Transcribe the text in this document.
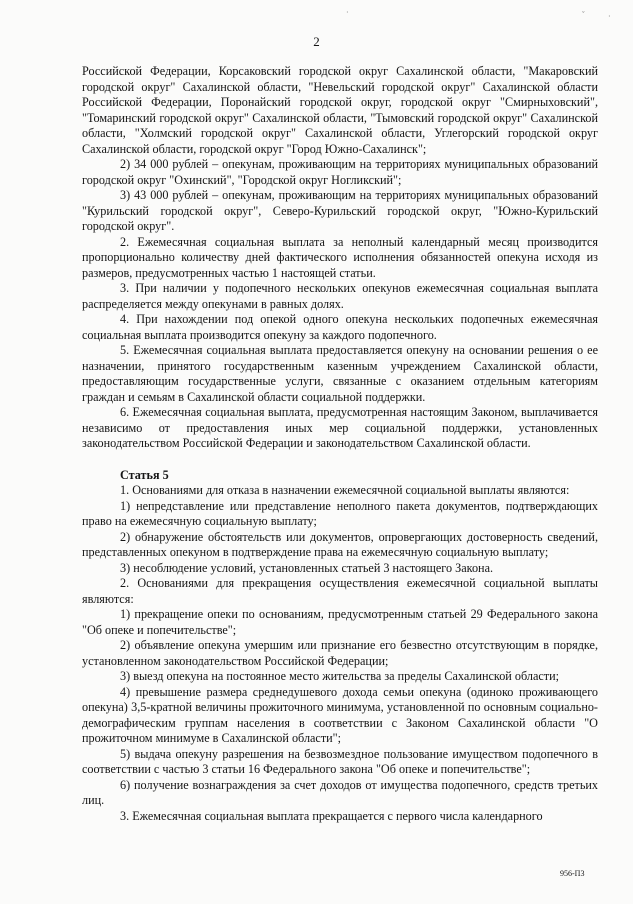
·	ˇ	·
2

Российской Федерации, Корсаковский городской округ Сахалинской области, "Макаровский городской округ" Сахалинской области, "Невельский городской округ" Сахалинской области Российской Федерации, Поронайский городской округ, городской округ "Смирныховский", "Томаринский городской округ" Сахалинской области, "Тымовский городской округ" Сахалинской области, "Холмский городской округ" Сахалинской области, Углегорский городской округ Сахалинской области, городской округ "Город Южно-Сахалинск";

2) 34 000 рублей – опекунам, проживающим на территориях муниципальных образований городской округ "Охинский", "Городской округ Ногликский";

3) 43 000 рублей – опекунам, проживающим на территориях муниципальных образований "Курильский городской округ", Северо-Курильский городской округ, "Южно-Курильский городской округ".

2. Ежемесячная социальная выплата за неполный календарный месяц производится пропорционально количеству дней фактического исполнения обязанностей опекуна исходя из размеров, предусмотренных частью 1 настоящей статьи.

3. При наличии у подопечного нескольких опекунов ежемесячная социальная выплата распределяется между опекунами в равных долях.

4. При нахождении под опекой одного опекуна нескольких подопечных ежемесячная социальная выплата производится опекуну за каждого подопечного.

5. Ежемесячная социальная выплата предоставляется опекуну на основании решения о ее назначении, принятого государственным казенным учреждением Сахалинской области, предоставляющим государственные услуги, связанные с оказанием отдельным категориям граждан и семьям в Сахалинской области социальной поддержки.

6. Ежемесячная социальная выплата, предусмотренная настоящим Законом, выплачивается независимо от предоставления иных мер социальной поддержки, установленных законодательством Российской Федерации и законодательством Сахалинской области.

Статья 5

1. Основаниями для отказа в назначении ежемесячной социальной выплаты являются:

1) непредставление или представление неполного пакета документов, подтверждающих право на ежемесячную социальную выплату;

2) обнаружение обстоятельств или документов, опровергающих достоверность сведений, представленных опекуном в подтверждение права на ежемесячную социальную выплату;

3) несоблюдение условий, установленных статьей 3 настоящего Закона.

2. Основаниями для прекращения осуществления ежемесячной социальной выплаты являются:

1) прекращение опеки по основаниям, предусмотренным статьей 29 Федерального закона "Об опеке и попечительстве";

2) объявление опекуна умершим или признание его безвестно отсутствующим в порядке, установленном законодательством Российской Федерации;

3) выезд опекуна на постоянное место жительства за пределы Сахалинской области;

4) превышение размера среднедушевого дохода семьи опекуна (одиноко проживающего опекуна) 3,5-кратной величины прожиточного минимума, установленной по основным социально-демографическим группам населения в соответствии с Законом Сахалинской области "О прожиточном минимуме в Сахалинской области";

5) выдача опекуну разрешения на безвозмездное пользование имуществом подопечного в соответствии с частью 3 статьи 16 Федерального закона "Об опеке и попечительстве";

6) получение вознаграждения за счет доходов от имущества подопечного, средств третьих лиц.

3. Ежемесячная социальная выплата прекращается с первого числа календарного

956-П3
